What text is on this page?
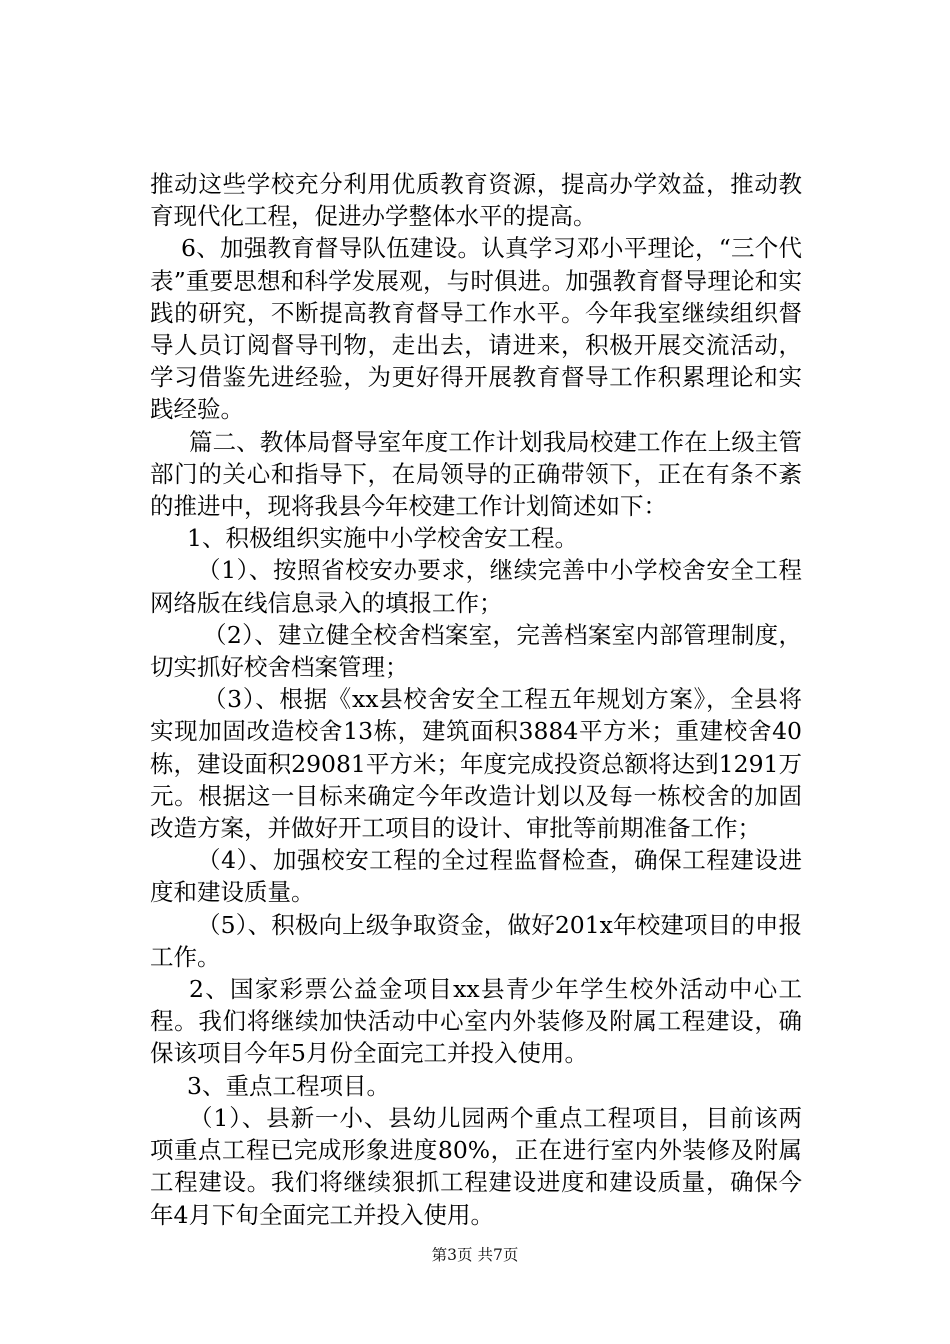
推动这些学校充分利用优质教育资源，提高办学效益，推动教育现代化工程，促进办学整体水平的提高。

6、加强教育督导队伍建设。认真学习邓小平理论，“三个代表”重要思想和科学发展观，与时俱进。加强教育督导理论和实践的研究，不断提高教育督导工作水平。今年我室继续组织督导人员订阅督导刊物，走出去，请进来，积极开展交流活动，学习借鉴先进经验，为更好得开展教育督导工作积累理论和实践经验。

篇二、教体局督导室年度工作计划我局校建工作在上级主管部门的关心和指导下，在局领导的正确带领下，正在有条不紊的推进中，现将我县今年校建工作计划简述如下：

1、积极组织实施中小学校舍安工程。

（1）、按照省校安办要求，继续完善中小学校舍安全工程网络版在线信息录入的填报工作；

（2）、建立健全校舍档案室，完善档案室内部管理制度，切实抓好校舍档案管理；

（3）、根据《xx县校舍安全工程五年规划方案》，全县将实现加固改造校舍13栋，建筑面积3884平方米；重建校舍40栋，建设面积29081平方米；年度完成投资总额将达到1291万元。根据这一目标来确定今年改造计划以及每一栋校舍的加固改造方案，并做好开工项目的设计、审批等前期准备工作；

（4）、加强校安工程的全过程监督检查，确保工程建设进度和建设质量。

（5）、积极向上级争取资金，做好201x年校建项目的申报工作。

2、国家彩票公益金项目xx县青少年学生校外活动中心工程。我们将继续加快活动中心室内外装修及附属工程建设，确保该项目今年5月份全面完工并投入使用。

3、重点工程项目。

（1）、县新一小、县幼儿园两个重点工程项目，目前该两项重点工程已完成形象进度80%，正在进行室内外装修及附属工程建设。我们将继续狠抓工程建设进度和建设质量，确保今年4月下旬全面完工并投入使用。

第3页 共7页
